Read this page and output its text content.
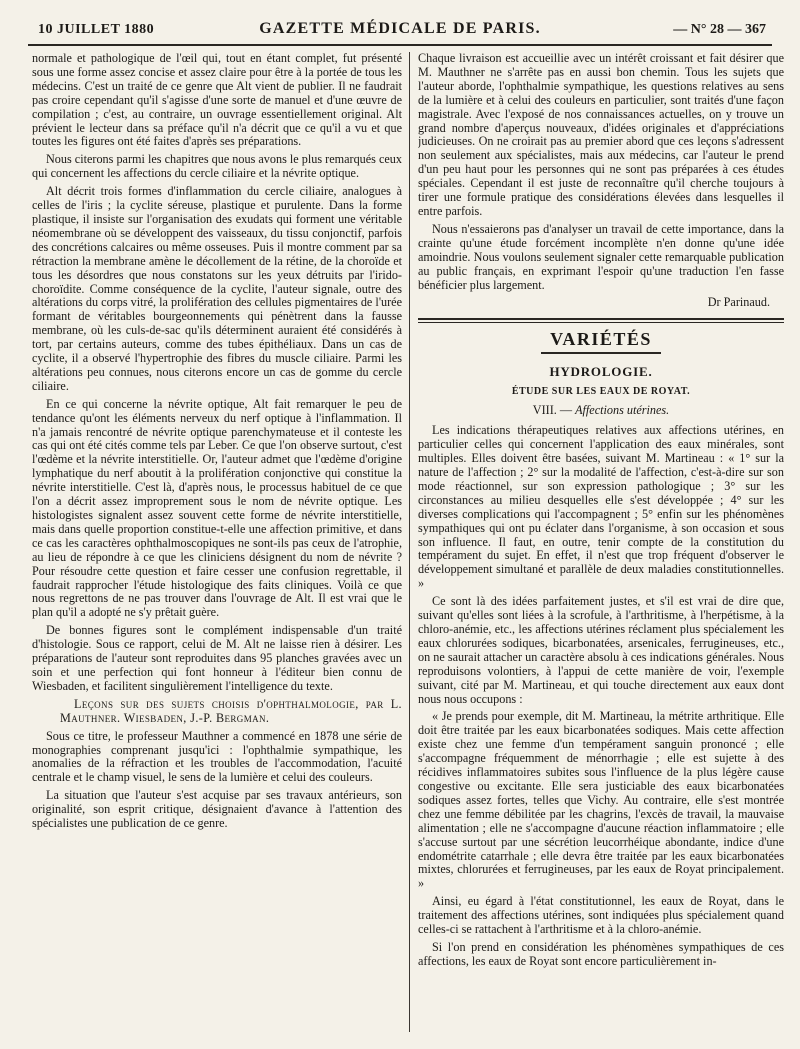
10 JUILLET 1880	GAZETTE MÉDICALE DE PARIS.	— N° 28 — 367

normale et pathologique de l'œil qui, tout en étant complet, fut présenté sous une forme assez concise et assez claire pour être à la portée de tous les médecins. C'est un traité de ce genre que Alt vient de publier. Il ne faudrait pas croire cependant qu'il s'agisse d'une sorte de manuel et d'une œuvre de compilation ; c'est, au contraire, un ouvrage essentiellement original. Alt prévient le lecteur dans sa préface qu'il n'a décrit que ce qu'il a vu et que toutes les figures ont été faites d'après ses préparations.

Nous citerons parmi les chapitres que nous avons le plus remarqués ceux qui concernent les affections du cercle ciliaire et la névrite optique.

Alt décrit trois formes d'inflammation du cercle ciliaire, analogues à celles de l'iris ; la cyclite séreuse, plastique et purulente. Dans la forme plastique, il insiste sur l'organisation des exudats qui forment une véritable néomembrane où se développent des vaisseaux, du tissu conjonctif, parfois des concrétions calcaires ou même osseuses. Puis il montre comment par sa rétraction la membrane amène le décollement de la rétine, de la choroïde et tous les désordres que nous constatons sur les yeux détruits par l'irido-choroïdite. Comme conséquence de la cyclite, l'auteur signale, outre des altérations du corps vitré, la prolifération des cellules pigmentaires de l'urée formant de véritables bourgeonnements qui pénètrent dans la fausse membrane, où les culs-de-sac qu'ils déterminent auraient été considérés à tort, par certains auteurs, comme des tubes épithéliaux. Dans un cas de cyclite, il a observé l'hypertrophie des fibres du muscle ciliaire. Parmi les altérations peu connues, nous citerons encore un cas de gomme du cercle ciliaire.

En ce qui concerne la névrite optique, Alt fait remarquer le peu de tendance qu'ont les éléments nerveux du nerf optique à l'inflammation. Il n'a jamais rencontré de névrite optique parenchymateuse et il conteste les cas qui ont été cités comme tels par Leber. Ce que l'on observe surtout, c'est l'œdème et la névrite interstitielle. Or, l'auteur admet que l'œdème d'origine lymphatique du nerf aboutit à la prolifération conjonctive qui constitue la névrite interstitielle. C'est là, d'après nous, le processus habituel de ce que l'on a décrit assez improprement sous le nom de névrite optique. Les histologistes signalent assez souvent cette forme de névrite interstitielle, mais dans quelle proportion constitue-t-elle une affection primitive, et dans ce cas les caractères ophthalmoscopiques ne sont-ils pas ceux de l'atrophie, au lieu de répondre à ce que les cliniciens désignent du nom de névrite ? Pour résoudre cette question et faire cesser une confusion regrettable, il faudrait rapprocher l'étude histologique des faits cliniques. Voilà ce que nous regrettons de ne pas trouver dans l'ouvrage de Alt. Il est vrai que le plan qu'il a adopté ne s'y prêtait guère.

De bonnes figures sont le complément indispensable d'un traité d'histologie. Sous ce rapport, celui de M. Alt ne laisse rien à désirer. Les préparations de l'auteur sont reproduites dans 95 planches gravées avec un soin et une perfection qui font honneur à l'éditeur bien connu de Wiesbaden, et facilitent singulièrement l'intelligence du texte.

Leçons sur des sujets choisis d'ophthalmologie, par L. Mauthner. Wiesbaden, J.-P. Bergman.

Sous ce titre, le professeur Mauthner a commencé en 1878 une série de monographies comprenant jusqu'ici : l'ophthalmie sympathique, les anomalies de la réfraction et les troubles de l'accommodation, l'acuité centrale et le champ visuel, le sens de la lumière et celui des couleurs.

La situation que l'auteur s'est acquise par ses travaux antérieurs, son originalité, son esprit critique, désignaient d'avance à l'attention des spécialistes une publication de ce genre.

Chaque livraison est accueillie avec un intérêt croissant et fait désirer que M. Mauthner ne s'arrête pas en aussi bon chemin. Tous les sujets que l'auteur aborde, l'ophthalmie sympathique, les questions relatives au sens de la lumière et à celui des couleurs en particulier, sont traités d'une façon magistrale. Avec l'exposé de nos connaissances actuelles, on y trouve un grand nombre d'aperçus nouveaux, d'idées originales et d'appréciations judicieuses. On ne croirait pas au premier abord que ces leçons s'adressent non seulement aux spécialistes, mais aux médecins, car l'auteur le prend d'un peu haut pour les personnes qui ne sont pas préparées à ces études spéciales. Cependant il est juste de reconnaître qu'il cherche toujours à tirer une formule pratique des considérations élevées dans lesquelles il entre parfois.

Nous n'essaierons pas d'analyser un travail de cette importance, dans la crainte qu'une étude forcément incomplète n'en donne qu'une idée amoindrie. Nous voulons seulement signaler cette remarquable publication au public français, en exprimant l'espoir qu'une traduction l'en fasse bénéficier plus largement.

Dr Parinaud.

VARIÉTÉS
HYDROLOGIE.
ÉTUDE SUR LES EAUX DE ROYAT.
VIII. — Affections utérines.

Les indications thérapeutiques relatives aux affections utérines, en particulier celles qui concernent l'application des eaux minérales, sont multiples. Elles doivent être basées, suivant M. Martineau : « 1° sur la nature de l'affection ; 2° sur la modalité de l'affection, c'est-à-dire sur son mode réactionnel, sur son expression pathologique ; 3° sur les circonstances au milieu desquelles elle s'est développée ; 4° sur les diverses complications qui l'accompagnent ; 5° enfin sur les phénomènes sympathiques qui ont pu éclater dans l'organisme, à son occasion et sous son influence. Il faut, en outre, tenir compte de la constitution du tempérament du sujet. En effet, il n'est que trop fréquent d'observer le développement simultané et parallèle de deux maladies constitutionnelles. »

Ce sont là des idées parfaitement justes, et s'il est vrai de dire que, suivant qu'elles sont liées à la scrofule, à l'arthritisme, à l'herpétisme, à la chloro-anémie, etc., les affections utérines réclament plus spécialement les eaux chlorurées sodiques, bicarbonatées, arsenicales, ferrugineuses, etc., on ne saurait attacher un caractère absolu à ces indications générales. Nous reproduisons volontiers, à l'appui de cette manière de voir, l'exemple suivant, cité par M. Martineau, et qui touche directement aux eaux dont nous nous occupons :

« Je prends pour exemple, dit M. Martineau, la métrite arthritique. Elle doit être traitée par les eaux bicarbonatées sodiques. Mais cette affection existe chez une femme d'un tempérament sanguin prononcé ; elle s'accompagne fréquemment de ménorrhagie ; elle est sujette à des récidives inflammatoires subites sous l'influence de la plus légère cause congestive ou excitante. Elle sera justiciable des eaux bicarbonatées sodiques assez fortes, telles que Vichy. Au contraire, elle s'est montrée chez une femme débilitée par les chagrins, l'excès de travail, la mauvaise alimentation ; elle ne s'accompagne d'aucune réaction inflammatoire ; elle s'accuse surtout par une sécrétion leucorrhéique abondante, indice d'une endométrite catarrhale ; elle devra être traitée par les eaux bicarbonatées mixtes, chlorurées et ferrugineuses, par les eaux de Royat principalement. »

Ainsi, eu égard à l'état constitutionnel, les eaux de Royat, dans le traitement des affections utérines, sont indiquées plus spécialement quand celles-ci se rattachent à l'arthritisme et à la chloro-anémie.

Si l'on prend en considération les phénomènes sympathiques de ces affections, les eaux de Royat sont encore particulièrement in-
